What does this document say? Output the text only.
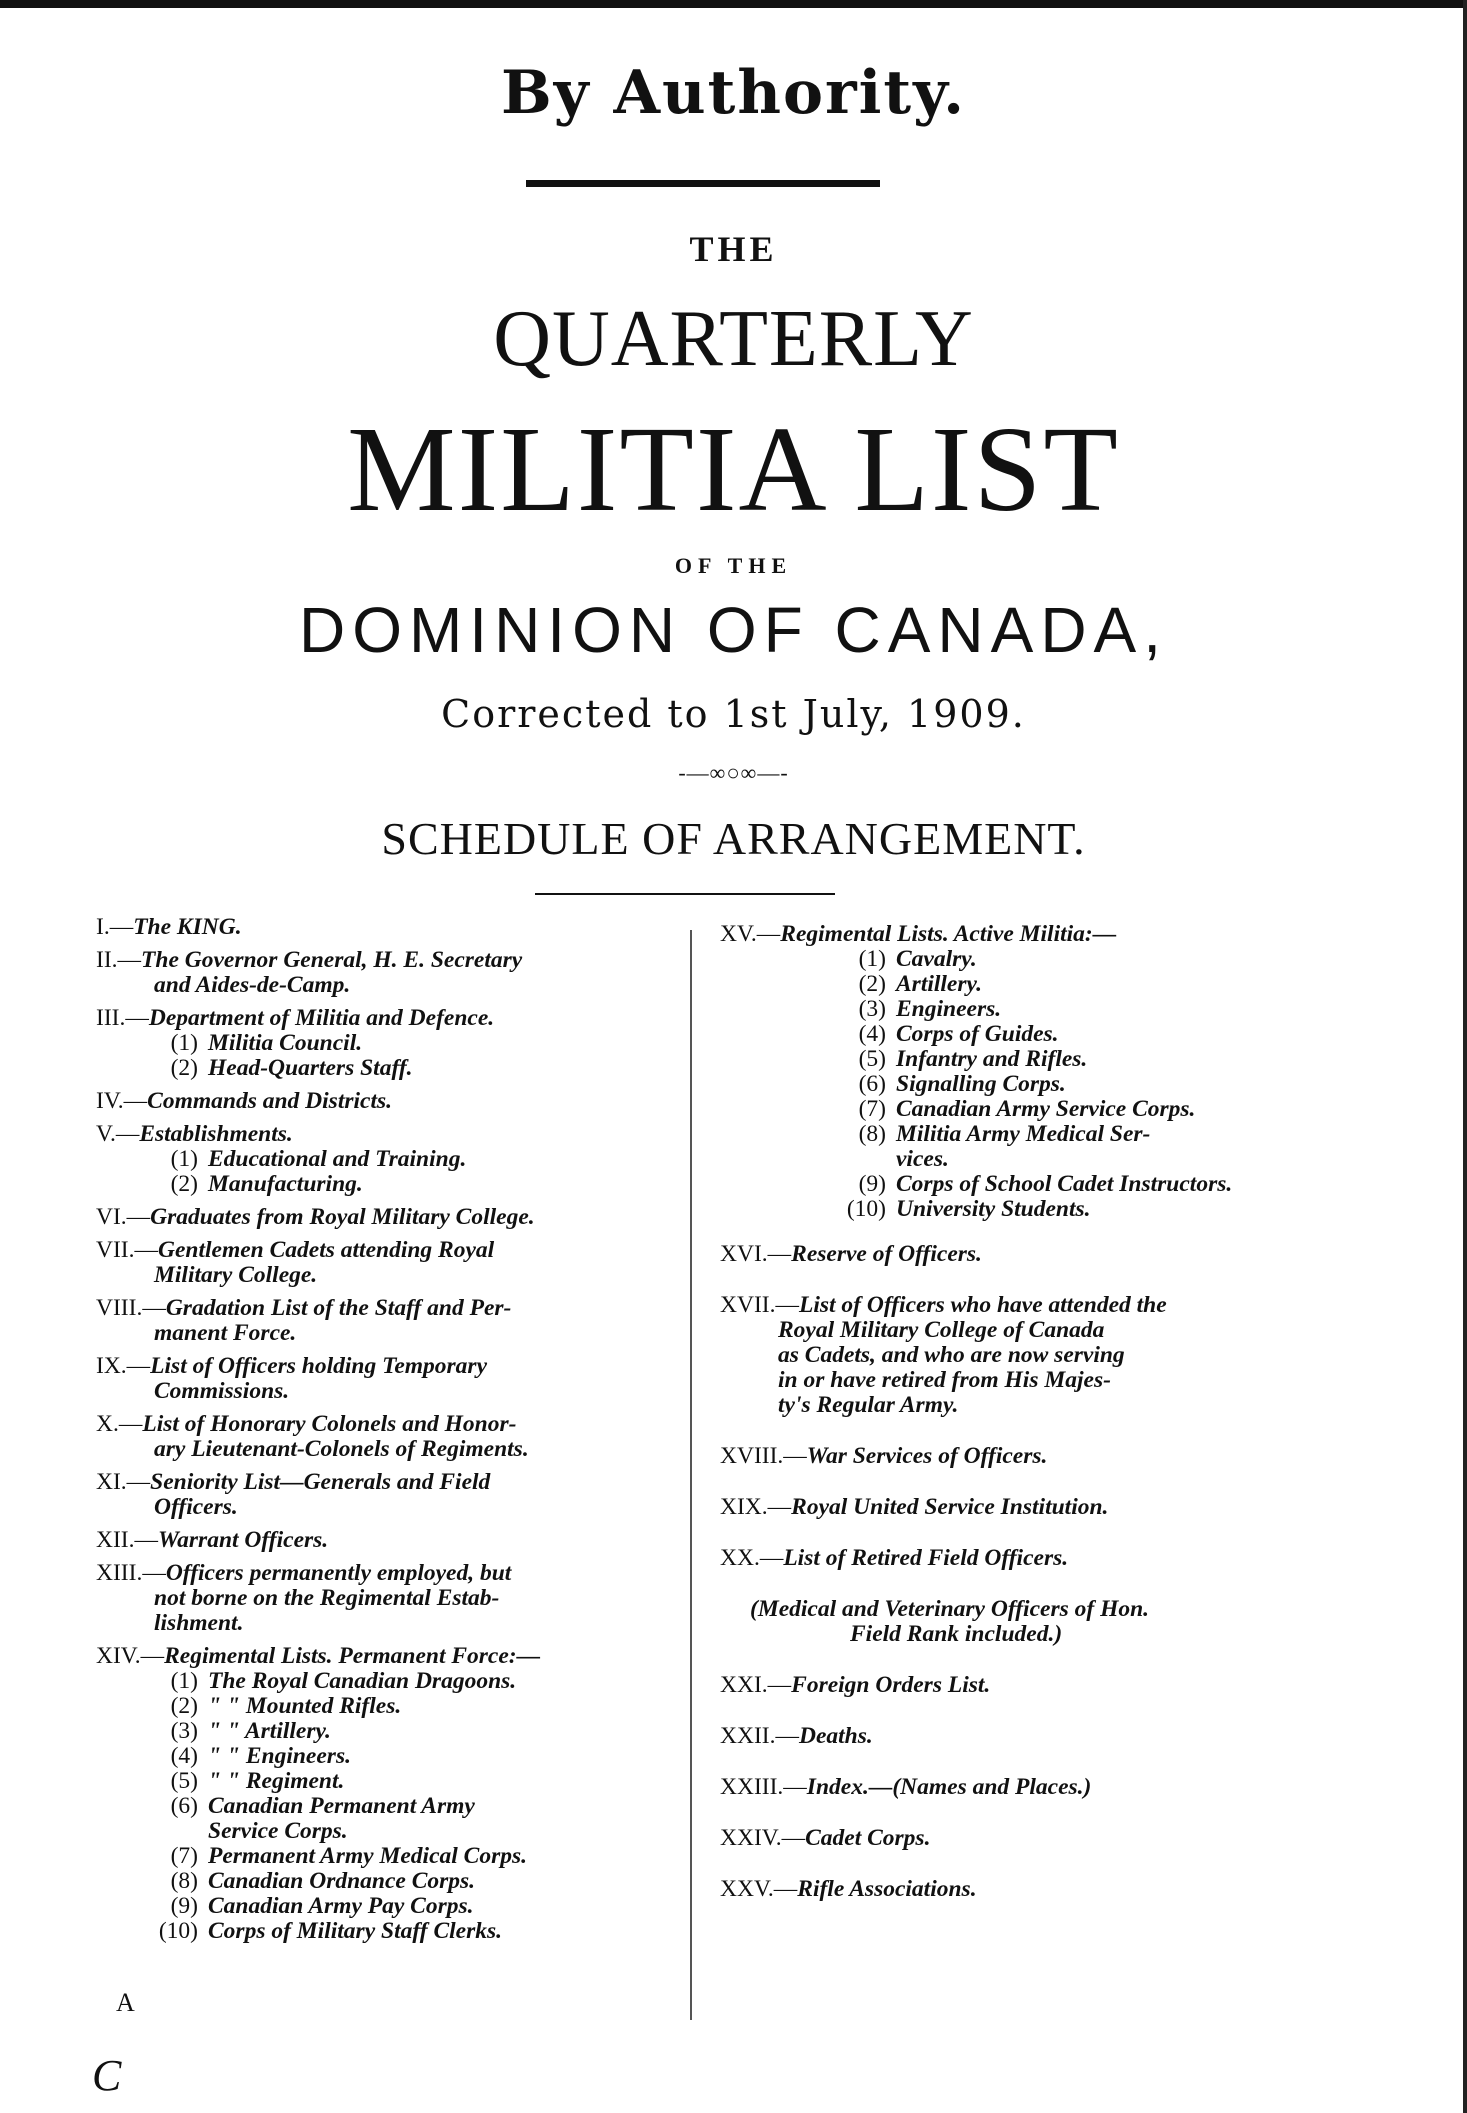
By Authority.
THE
QUARTERLY
MILITIA LIST
OF THE
DOMINION OF CANADA,
Corrected to 1st July, 1909.
-—∞○∞—-
SCHEDULE OF ARRANGEMENT.
I.—The KING.
II.—The Governor General, H. E. Secretary
and Aides-de-Camp.
III.—Department of Militia and Defence.
(1) Militia Council.
(2) Head-Quarters Staff.
IV.—Commands and Districts.
V.—Establishments.
(1) Educational and Training.
(2) Manufacturing.
VI.—Graduates from Royal Military College.
VII.—Gentlemen Cadets attending Royal
Military College.
VIII.—Gradation List of the Staff and Per-
manent Force.
IX.—List of Officers holding Temporary
Commissions.
X.—List of Honorary Colonels and Honor-
ary Lieutenant-Colonels of Regiments.
XI.—Seniority List—Generals and Field
Officers.
XII.—Warrant Officers.
XIII.—Officers permanently employed, but
not borne on the Regimental Estab-
lishment.
XIV.—Regimental Lists. Permanent Force:—
(1) The Royal Canadian Dragoons.
(2) " " Mounted Rifles.
(3) " " Artillery.
(4) " " Engineers.
(5) " " Regiment.
(6) Canadian Permanent Army
Service Corps.
(7) Permanent Army Medical Corps.
(8) Canadian Ordnance Corps.
(9) Canadian Army Pay Corps.
(10) Corps of Military Staff Clerks.
XV.—Regimental Lists. Active Militia:—
(1) Cavalry.
(2) Artillery.
(3) Engineers.
(4) Corps of Guides.
(5) Infantry and Rifles.
(6) Signalling Corps.
(7) Canadian Army Service Corps.
(8) Militia Army Medical Ser-
vices.
(9) Corps of School Cadet Instructors.
(10) University Students.
XVI.—Reserve of Officers.
XVII.—List of Officers who have attended the
Royal Military College of Canada
as Cadets, and who are now serving
in or have retired from His Majes-
ty's Regular Army.
XVIII.—War Services of Officers.
XIX.—Royal United Service Institution.
XX.—List of Retired Field Officers.
(Medical and Veterinary Officers of Hon.
Field Rank included.)
XXI.—Foreign Orders List.
XXII.—Deaths.
XXIII.—Index.—(Names and Places.)
XXIV.—Cadet Corps.
XXV.—Rifle Associations.
A
C
